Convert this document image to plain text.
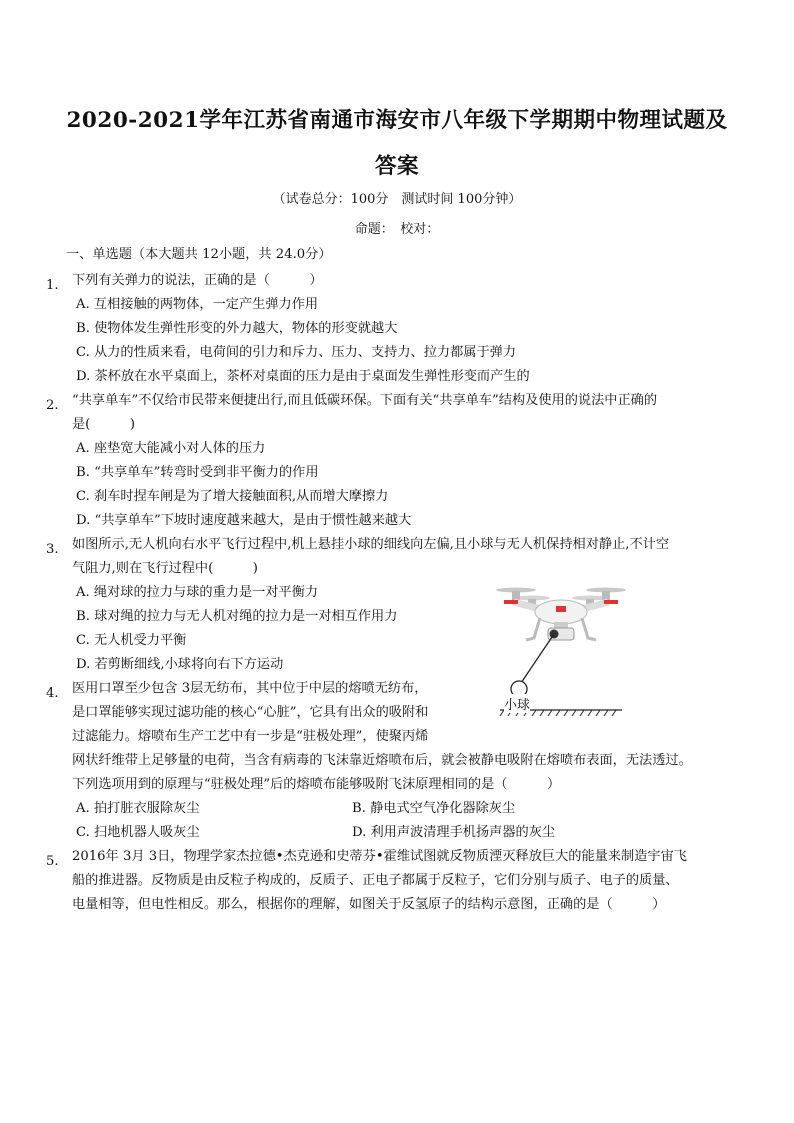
2020-2021学年江苏省南通市海安市八年级下学期期中物理试题及答案
（试卷总分：100分　测试时间 100分钟）
命题：　校对：
一、单选题（本大题共 12小题，共 24.0分）
1. 下列有关弹力的说法，正确的是（　　　）
A. 互相接触的两物体，一定产生弹力作用
B. 使物体发生弹性形变的外力越大，物体的形变就越大
C. 从力的性质来看，电荷间的引力和斥力、压力、支持力、拉力都属于弹力
D. 茶杯放在水平桌面上，茶杯对桌面的压力是由于桌面发生弹性形变而产生的
2. “共享单车”不仅给市民带来便捷出行,而且低碳环保。下面有关“共享单车”结构及使用的说法中正确的
是(　　　)
A. 座垫宽大能减小对人体的压力
B. “共享单车”转弯时受到非平衡力的作用
C. 刹车时捏车闸是为了增大接触面积,从而增大摩擦力
D. “共享单车”下坡时速度越来越大，是由于惯性越来越大
3. 如图所示,无人机向右水平飞行过程中,机上悬挂小球的细线向左偏,且小球与无人机保持相对静止,不计空
气阻力,则在飞行过程中(　　　)
A. 绳对球的拉力与球的重力是一对平衡力
B. 球对绳的拉力与无人机对绳的拉力是一对相互作用力
C. 无人机受力平衡
D. 若剪断细线,小球将向右下方运动
小球
4. 医用口罩至少包含 3层无纺布，其中位于中层的熔喷无纺布，
是口罩能够实现过滤功能的核心“心脏”，它具有出众的吸附和
过滤能力。熔喷布生产工艺中有一步是“驻极处理”，使聚丙烯
网状纤维带上足够量的电荷，当含有病毒的飞沫靠近熔喷布后，就会被静电吸附在熔喷布表面，无法透过。
下列选项用到的原理与“驻极处理”后的熔喷布能够吸附飞沫原理相同的是（　　　）
A. 拍打脏衣服除灰尘	B. 静电式空气净化器除灰尘
C. 扫地机器人吸灰尘	D. 利用声波清理手机扬声器的灰尘
5. 2016年 3月 3日，物理学家杰拉德•杰克逊和史蒂芬•霍维试图就反物质湮灭释放巨大的能量来制造宇宙飞
船的推进器。反物质是由反粒子构成的，反质子、正电子都属于反粒子，它们分别与质子、电子的质量、
电量相等，但电性相反。那么，根据你的理解，如图关于反氢原子的结构示意图，正确的是（　　　）
